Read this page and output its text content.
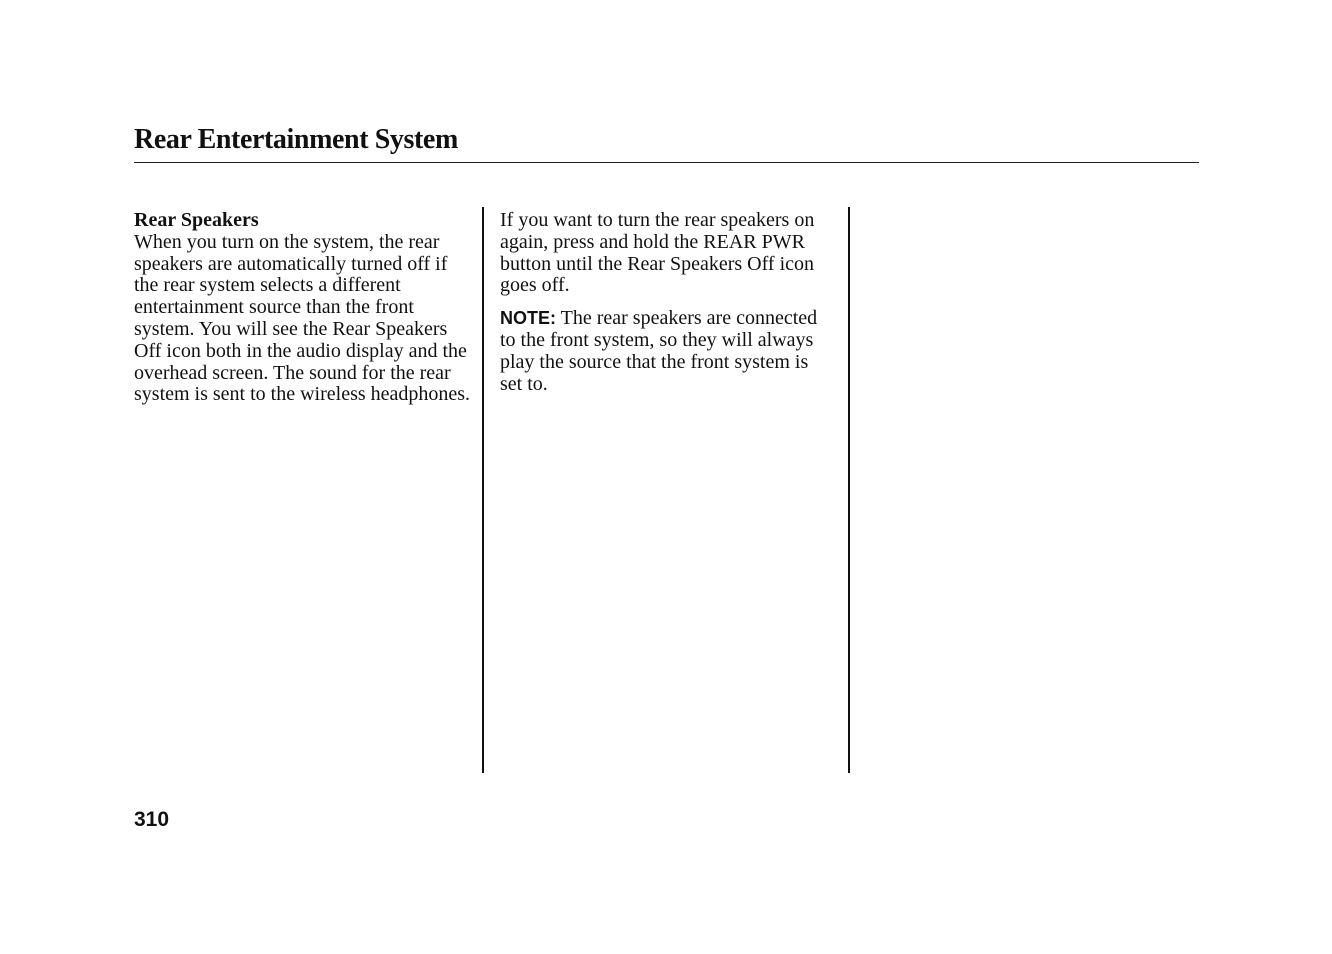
Rear Entertainment System
Rear Speakers

When you turn on the system, the rear speakers are automatically turned off if the rear system selects a different entertainment source than the front system. You will see the Rear Speakers Off icon both in the audio display and the overhead screen. The sound for the rear system is sent to the wireless headphones.

If you want to turn the rear speakers on again, press and hold the REAR PWR button until the Rear Speakers Off icon goes off.

NOTE: The rear speakers are connected to the front system, so they will always play the source that the front system is set to.

310
